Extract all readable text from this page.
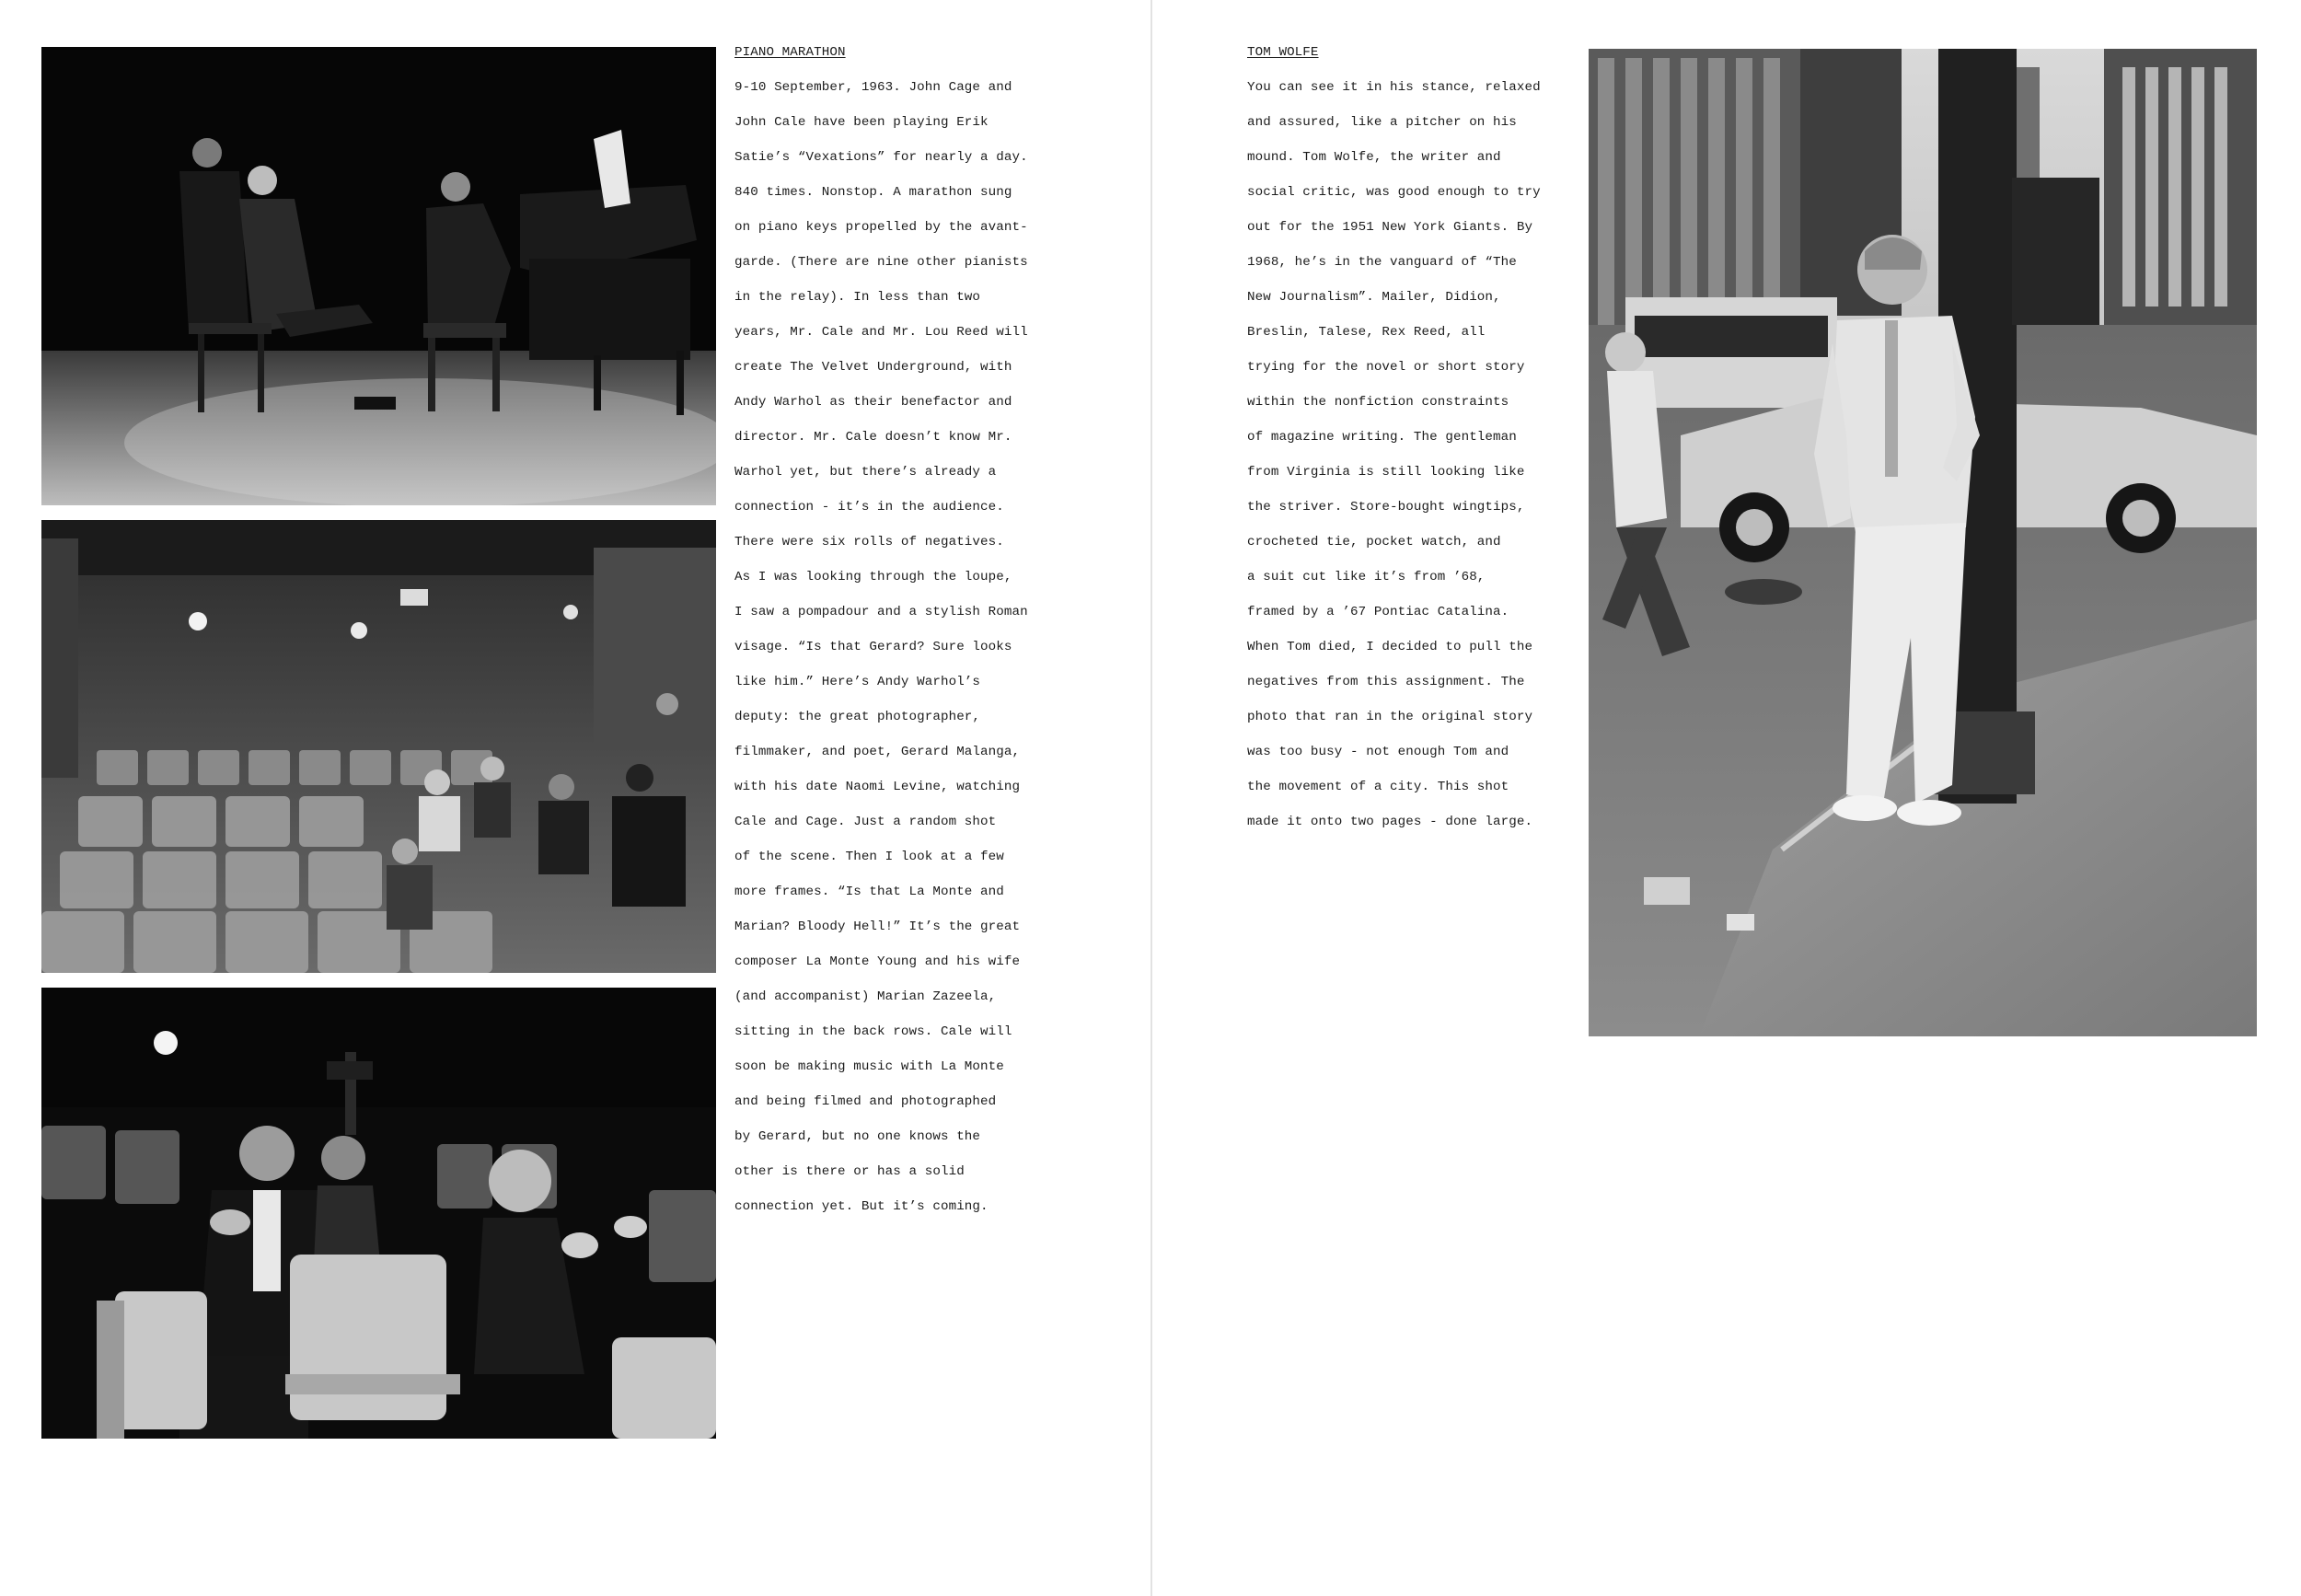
PIANO MARATHON

9-10 September, 1963. John Cage and

John Cale have been playing Erik

Satie’s “Vexations” for nearly a day.

840 times. Nonstop. A marathon sung

on piano keys propelled by the avant-

garde. (There are nine other pianists

in the relay). In less than two

years, Mr. Cale and Mr. Lou Reed will

create The Velvet Underground, with

Andy Warhol as their benefactor and

director. Mr. Cale doesn’t know Mr.

Warhol yet, but there’s already a

connection - it’s in the audience.

There were six rolls of negatives.

As I was looking through the loupe,

I saw a pompadour and a stylish Roman

visage. “Is that Gerard? Sure looks

like him.” Here’s Andy Warhol’s

deputy: the great photographer,

filmmaker, and poet, Gerard Malanga,

with his date Naomi Levine, watching

Cale and Cage. Just a random shot

of the scene. Then I look at a few

more frames. “Is that La Monte and

Marian? Bloody Hell!” It’s the great

composer La Monte Young and his wife

(and accompanist) Marian Zazeela,

sitting in the back rows. Cale will

soon be making music with La Monte

and being filmed and photographed

by Gerard, but no one knows the

other is there or has a solid

connection yet. But it’s coming.

TOM WOLFE

You can see it in his stance, relaxed

and assured, like a pitcher on his

mound. Tom Wolfe, the writer and

social critic, was good enough to try

out for the 1951 New York Giants. By

1968, he’s in the vanguard of “The

New Journalism”. Mailer, Didion,

Breslin, Talese, Rex Reed, all

trying for the novel or short story

within the nonfiction constraints

of magazine writing. The gentleman

from Virginia is still looking like

the striver. Store-bought wingtips,

crocheted tie, pocket watch, and

a suit cut like it’s from ’68,

framed by a ’67 Pontiac Catalina.

When Tom died, I decided to pull the

negatives from this assignment. The

photo that ran in the original story

was too busy - not enough Tom and

the movement of a city. This shot

made it onto two pages - done large.
